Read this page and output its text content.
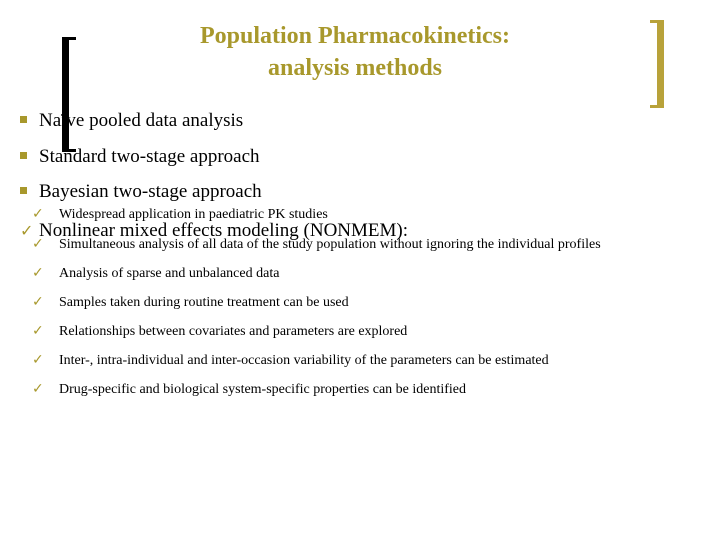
Population Pharmacokinetics:
analysis methods
Naïve pooled data analysis
Standard two-stage approach
Bayesian two-stage approach
✓ Widespread application in paediatric PK studies
✓ Nonlinear mixed effects modeling (NONMEM):
✓ Simultaneous analysis of all data of the study population without ignoring the individual profiles
✓ Analysis of sparse and unbalanced data
✓ Samples taken during routine treatment can be used
✓ Relationships between covariates and parameters are explored
✓ Inter-, intra-individual and inter-occasion variability of the parameters can be estimated
✓ Drug-specific and biological system-specific properties can be identified
